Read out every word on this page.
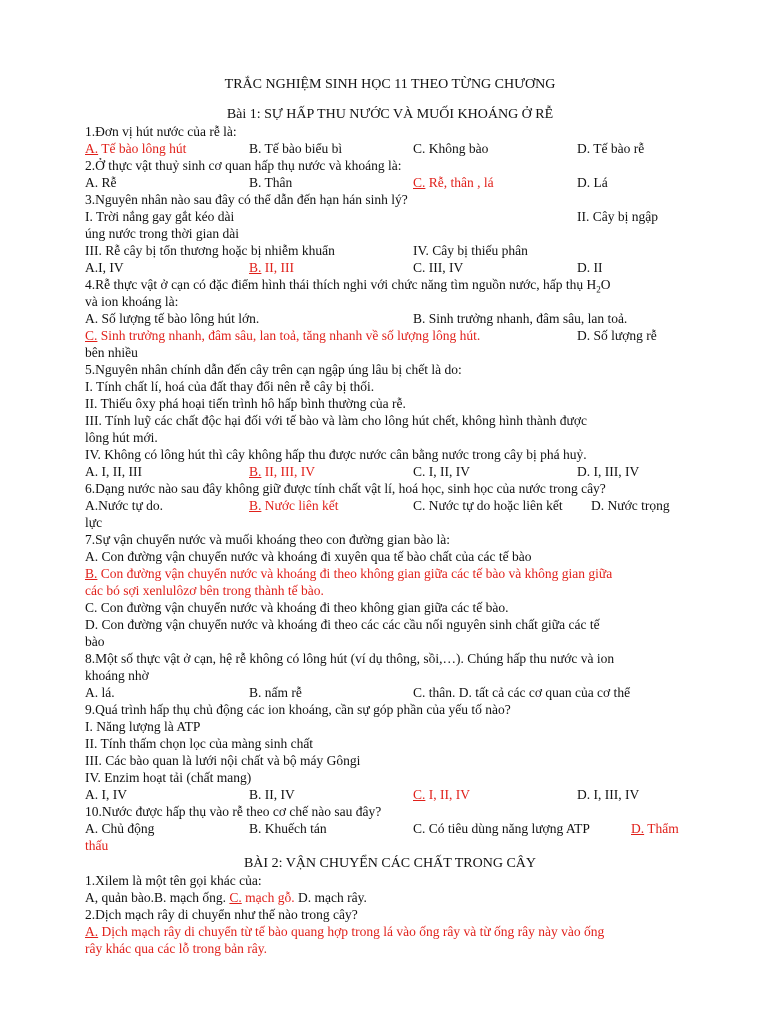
TRẮC NGHIỆM SINH HỌC 11 THEO TỪNG CHƯƠNG

Bài 1: SỰ HẤP THU NƯỚC VÀ MUỐI KHOÁNG Ở RỄ

1.Đơn vị hút nước của rễ là:

A. Tế bào lông hút	B. Tế bào biểu bì	C. Không bào	D. Tế bào rễ

2.Ở thực vật thuỷ sinh cơ quan hấp thụ nước và khoáng là:

A. Rễ	B. Thân	C. Rễ, thân , lá	D. Lá

3.Nguyên nhân nào sau đây có thể dẫn đến hạn hán sinh lý?

I. Trời nắng gay gắt kéo dài	II. Cây bị ngập

úng nước trong thời gian dài

III. Rễ cây bị tổn thương hoặc bị nhiễm khuẩn	IV. Cây bị thiếu phân
A.I, IV	B. II, III	C. III, IV	D. II

4.Rễ thực vật ở cạn có đặc điểm hình thái thích nghi với chức năng tìm nguồn nước, hấp thụ $H_2O$

và ion khoáng là:

A. Số lượng tế bào lông hút lớn.	B. Sinh trưởng nhanh, đâm sâu, lan toả.
C. Sinh trưởng nhanh, đâm sâu, lan toả, tăng nhanh về số lượng lông hút.	D. Số lượng rễ

bên nhiều

5.Nguyên nhân chính dẫn đến cây trên cạn ngập úng lâu bị chết là do:

I. Tính chất lí, hoá của đất thay đổi nên rễ cây bị thối.

II. Thiếu ôxy phá hoại tiến trình hô hấp bình thường của rễ.

III. Tính luỹ các chất độc hại đối với tế bào và làm cho lông hút chết, không hình thành được

lông hút mới.

IV. Không có lông hút thì cây không hấp thu được nước cân bằng nước trong cây bị phá huỷ.

A. I, II, III	B. II, III, IV	C. I, II, IV	D. I, III, IV

6.Dạng nước nào sau đây không giữ được tính chất vật lí, hoá học, sinh học của nước trong cây?

A.Nước tự do.	B. Nước liên kết	C. Nước tự do hoặc liên kết	D. Nước trọng

lực

7.Sự vận chuyển nước và muối khoáng theo con đường gian bào là:

A. Con đường vận chuyển nước và khoáng đi xuyên qua tế bào chất của các tế bào

B. Con đường vận chuyển nước và khoáng đi theo không gian giữa các tế bào và không gian giữa

các bó sợi xenlulôzơ bên trong thành tế bào.

C. Con đường vận chuyển nước và khoáng đi theo không gian giữa các tế bào.

D. Con đường vận chuyển nước và khoáng đi theo các các cầu nối nguyên sinh chất giữa các tế

bào

8.Một số thực vật ở cạn, hệ rễ không có lông hút (ví dụ thông, sồi,…). Chúng hấp thu nước và ion

khoáng nhờ

A. lá.	B. nấm rễ	C. thân. D. tất cả các cơ quan của cơ thể

9.Quá trình hấp thụ chủ động các ion khoáng, cần sự góp phần của yếu tố nào?

I. Năng lượng là ATP

II. Tính thấm chọn lọc của màng sinh chất

III. Các bào quan là lưới nội chất và bộ máy Gôngi

IV. Enzim hoạt tải (chất mang)

A. I, IV	B. II, IV	C. I, II, IV	D. I, III, IV

10.Nước được hấp thụ vào rễ theo cơ chế nào sau đây?

A. Chủ động	B. Khuếch tán	C. Có tiêu dùng năng lượng ATP	D. Thẩm

thấu

BÀI 2: VẬN CHUYỂN CÁC CHẤT TRONG CÂY

1.Xilem là một tên gọi khác của:

A, quản bào.B. mạch ống. C. mạch gỗ. D. mạch rây.

2.Dịch mạch rây di chuyển như thế nào trong cây?

A. Dịch mạch rây di chuyển từ tế bào quang hợp trong lá vào ống rây và từ ống rây này vào ống

rây khác qua các lỗ trong bản rây.
